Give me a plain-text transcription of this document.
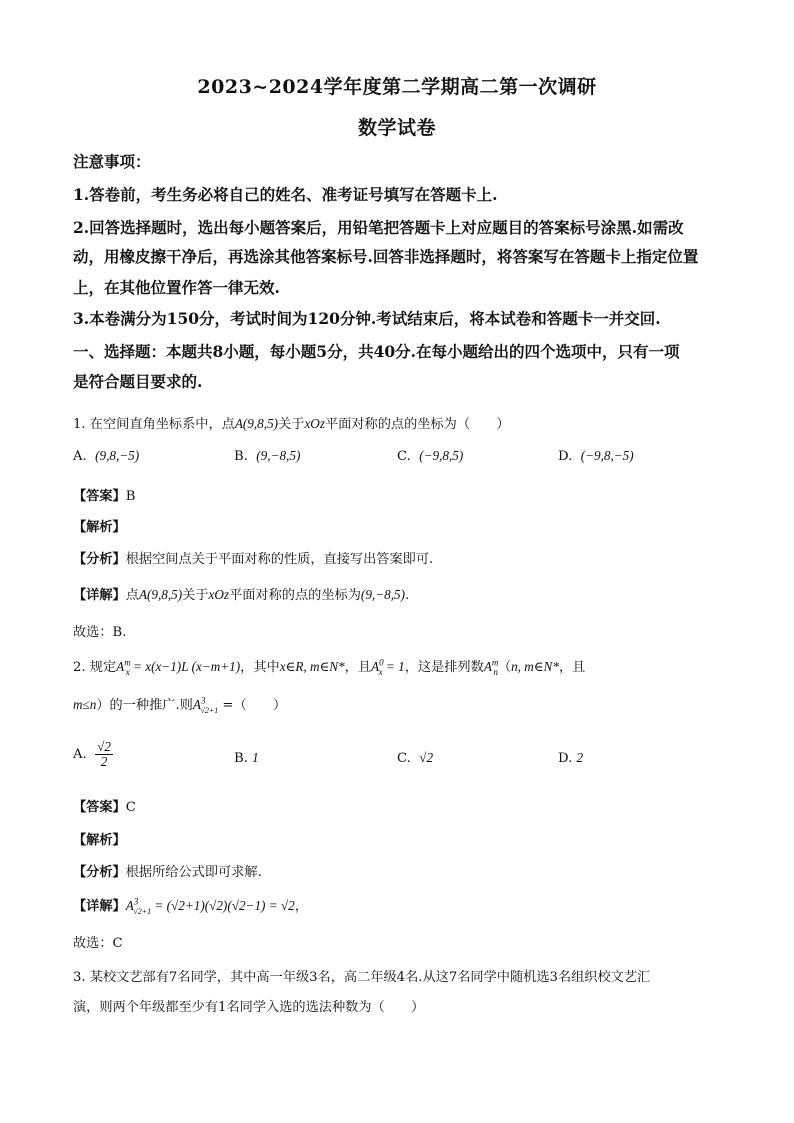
2023~2024学年度第二学期高二第一次调研
数学试卷
注意事项：
1.答卷前，考生务必将自己的姓名、准考证号填写在答题卡上.
2.回答选择题时，选出每小题答案后，用铅笔把答题卡上对应题目的答案标号涂黑.如需改
动，用橡皮擦干净后，再选涂其他答案标号.回答非选择题时，将答案写在答题卡上指定位置
上，在其他位置作答一律无效.
3.本卷满分为150分，考试时间为120分钟.考试结束后，将本试卷和答题卡一并交回.
一、选择题：本题共8小题，每小题5分，共40分.在每小题给出的四个选项中，只有一项
是符合题目要求的.
1. 在空间直角坐标系中，点A(9,8,5)关于xOz平面对称的点的坐标为（　　）
A. (9,8,−5)	B. (9,−8,5)	C. (−9,8,5)	D. (−9,8,−5)
【答案】B
【解析】
【分析】根据空间点关于平面对称的性质，直接写出答案即可.
【详解】点A(9,8,5)关于xOz平面对称的点的坐标为(9,−8,5).
故选：B.
2. 规定$A^m_x = x(x-1)L$ (x−m+1)，其中x∈R, m∈N*，且$A^0_x = 1$，这是排列数$A^m_n(n$, m∈N*，且
m≤n）的一种推广.则$A^3_{√2+1}$ =（　　）
A. $\frac{√2}{2}$	B. 1	C. √2	D. 2
【答案】C
【解析】
【分析】根据所给公式即可求解.
【详解】$A^3_{√2+1} = (√2+1)(√2)(√2-1) = √2$，
故选：C
3. 某校文艺部有7名同学，其中高一年级3名，高二年级4名.从这7名同学中随机选3名组织校文艺汇
演，则两个年级都至少有1名同学入选的选法种数为（　　）
